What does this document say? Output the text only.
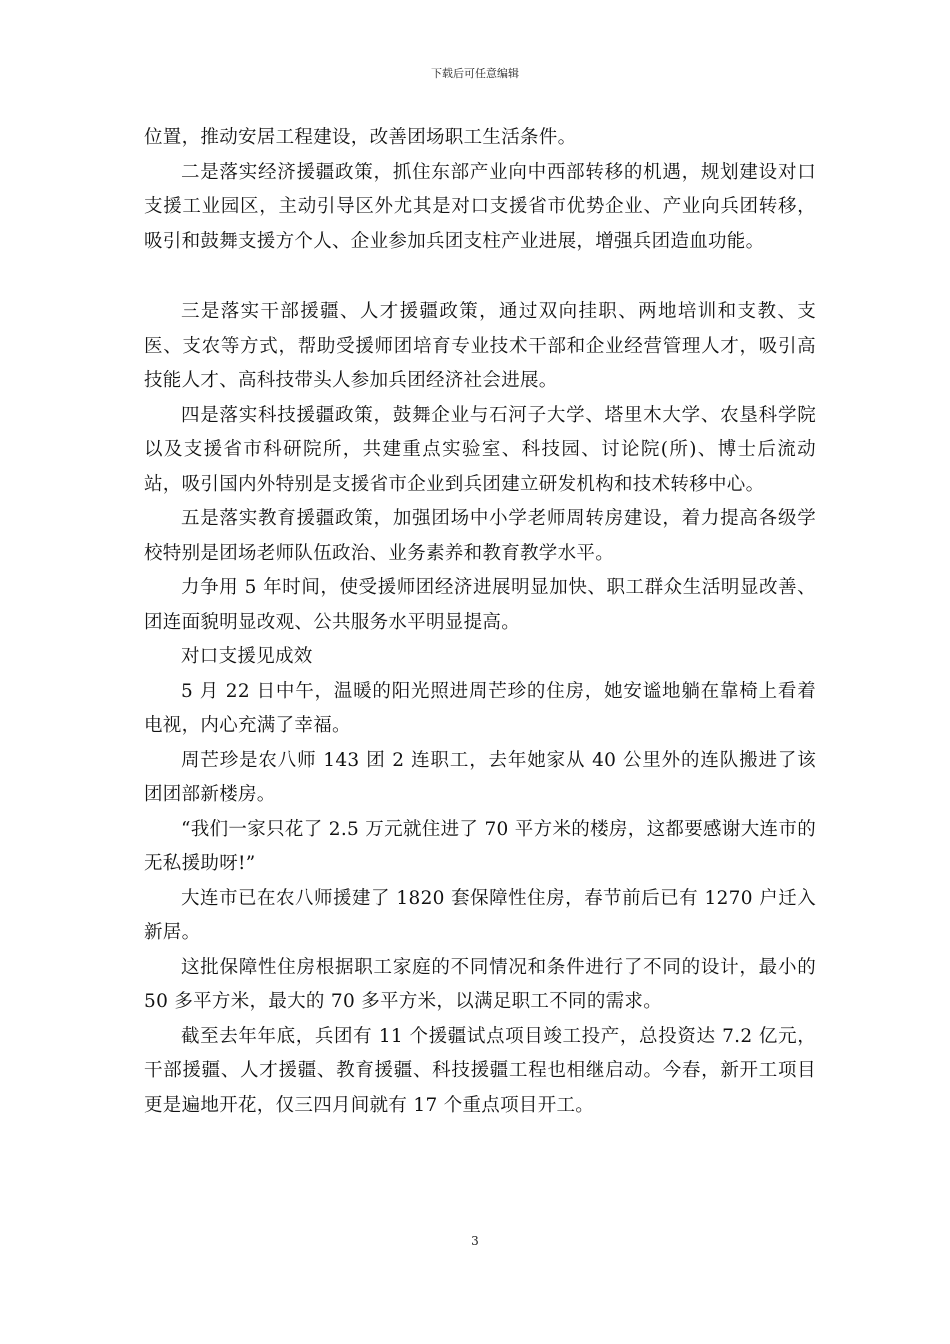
下载后可任意编辑

位置，推动安居工程建设，改善团场职工生活条件。

二是落实经济援疆政策，抓住东部产业向中西部转移的机遇，规划建设对口支援工业园区，主动引导区外尤其是对口支援省市优势企业、产业向兵团转移，吸引和鼓舞支援方个人、企业参加兵团支柱产业进展，增强兵团造血功能。

三是落实干部援疆、人才援疆政策，通过双向挂职、两地培训和支教、支医、支农等方式，帮助受援师团培育专业技术干部和企业经营管理人才，吸引高技能人才、高科技带头人参加兵团经济社会进展。

四是落实科技援疆政策，鼓舞企业与石河子大学、塔里木大学、农垦科学院以及支援省市科研院所，共建重点实验室、科技园、讨论院(所)、博士后流动站，吸引国内外特别是支援省市企业到兵团建立研发机构和技术转移中心。

五是落实教育援疆政策，加强团场中小学老师周转房建设，着力提高各级学校特别是团场老师队伍政治、业务素养和教育教学水平。

力争用 5 年时间，使受援师团经济进展明显加快、职工群众生活明显改善、团连面貌明显改观、公共服务水平明显提高。

对口支援见成效

5 月 22 日中午，温暖的阳光照进周芒珍的住房，她安谧地躺在靠椅上看着电视，内心充满了幸福。

周芒珍是农八师 143 团 2 连职工，去年她家从 40 公里外的连队搬进了该团团部新楼房。

“我们一家只花了 2.5 万元就住进了 70 平方米的楼房，这都要感谢大连市的无私援助呀!”

大连市已在农八师援建了 1820 套保障性住房，春节前后已有 1270 户迁入新居。

这批保障性住房根据职工家庭的不同情况和条件进行了不同的设计，最小的 50 多平方米，最大的 70 多平方米，以满足职工不同的需求。

截至去年年底，兵团有 11 个援疆试点项目竣工投产，总投资达 7.2 亿元，干部援疆、人才援疆、教育援疆、科技援疆工程也相继启动。今春，新开工项目更是遍地开花，仅三四月间就有 17 个重点项目开工。

3
